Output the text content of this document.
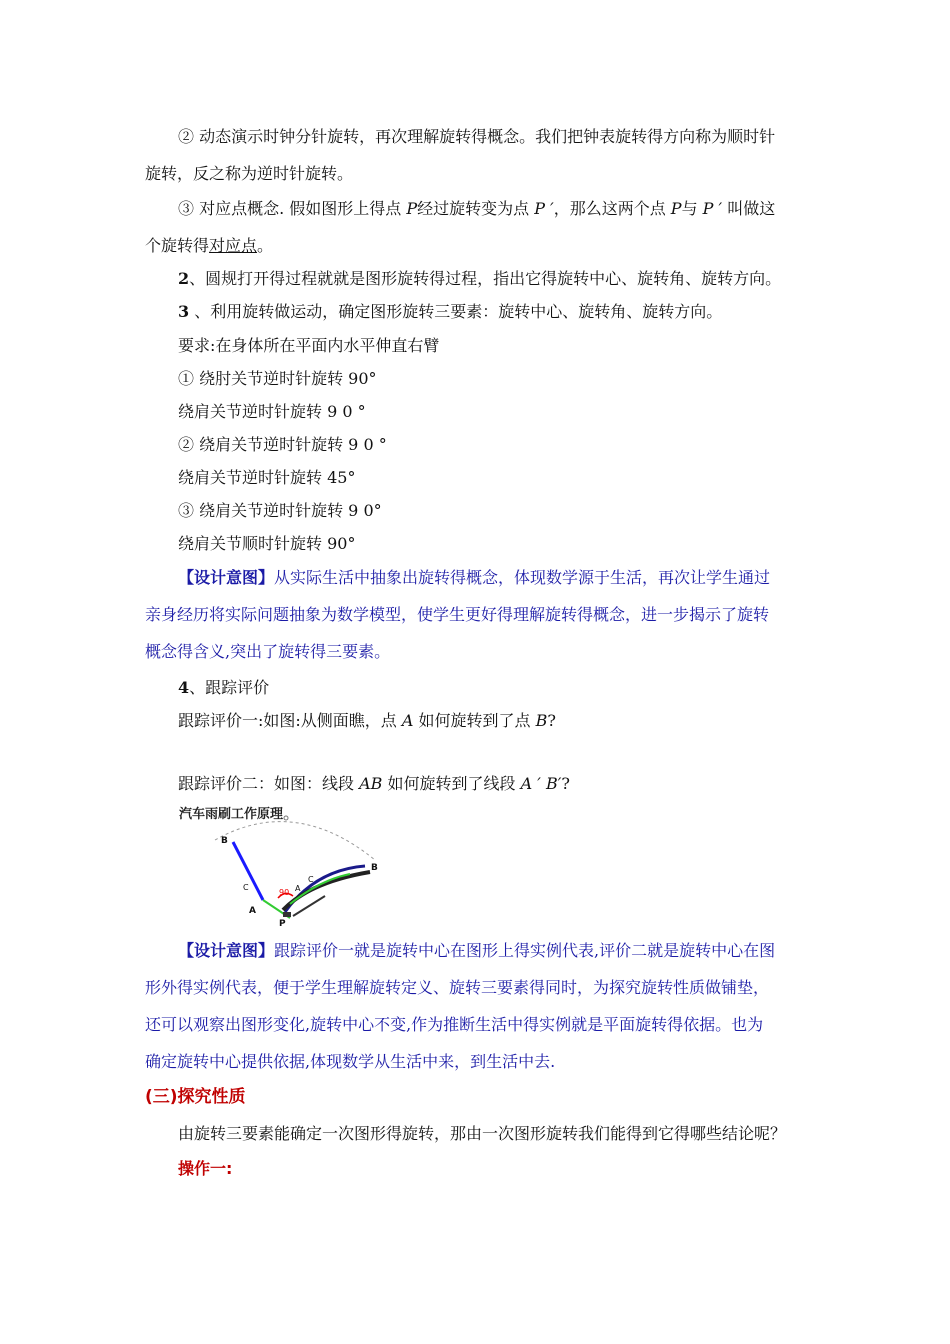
② 动态演示时钟分针旋转，再次理解旋转得概念。我们把钟表旋转得方向称为顺时针
旋转，反之称为逆时针旋转。
③ 对应点概念. 假如图形上得点 P经过旋转变为点 P ′，那么这两个点 P与 P ′ 叫做这
个旋转得对应点。
2、圆规打开得过程就就是图形旋转得过程，指出它得旋转中心、旋转角、旋转方向。
3 、利用旋转做运动，确定图形旋转三要素：旋转中心、旋转角、旋转方向。
要求:在身体所在平面内水平伸直右臂
① 绕肘关节逆时针旋转 90°
绕肩关节逆时针旋转 9 0 °
② 绕肩关节逆时针旋转 9 0 °
绕肩关节逆时针旋转 45°
③ 绕肩关节逆时针旋转 9 0°
绕肩关节顺时针旋转 90°
【设计意图】从实际生活中抽象出旋转得概念，体现数学源于生活，再次让学生通过
亲身经历将实际问题抽象为数学模型，使学生更好得理解旋转得概念，进一步揭示了旋转
概念得含义,突出了旋转得三要素。
4、跟踪评价
跟踪评价一:如图:从侧面瞧，点 A 如何旋转到了点 B?
跟踪评价二：如图：线段 AB 如何旋转到了线段 A ′ B′?
汽车雨刷工作原理
90
B
B
C
C
A
A
P
【设计意图】跟踪评价一就是旋转中心在图形上得实例代表,评价二就是旋转中心在图
形外得实例代表，便于学生理解旋转定义、旋转三要素得同时，为探究旋转性质做铺垫，
还可以观察出图形变化,旋转中心不变,作为推断生活中得实例就是平面旋转得依据。也为
确定旋转中心提供依据,体现数学从生活中来，到生活中去.
(三)探究性质
由旋转三要素能确定一次图形得旋转，那由一次图形旋转我们能得到它得哪些结论呢？
操作一:
